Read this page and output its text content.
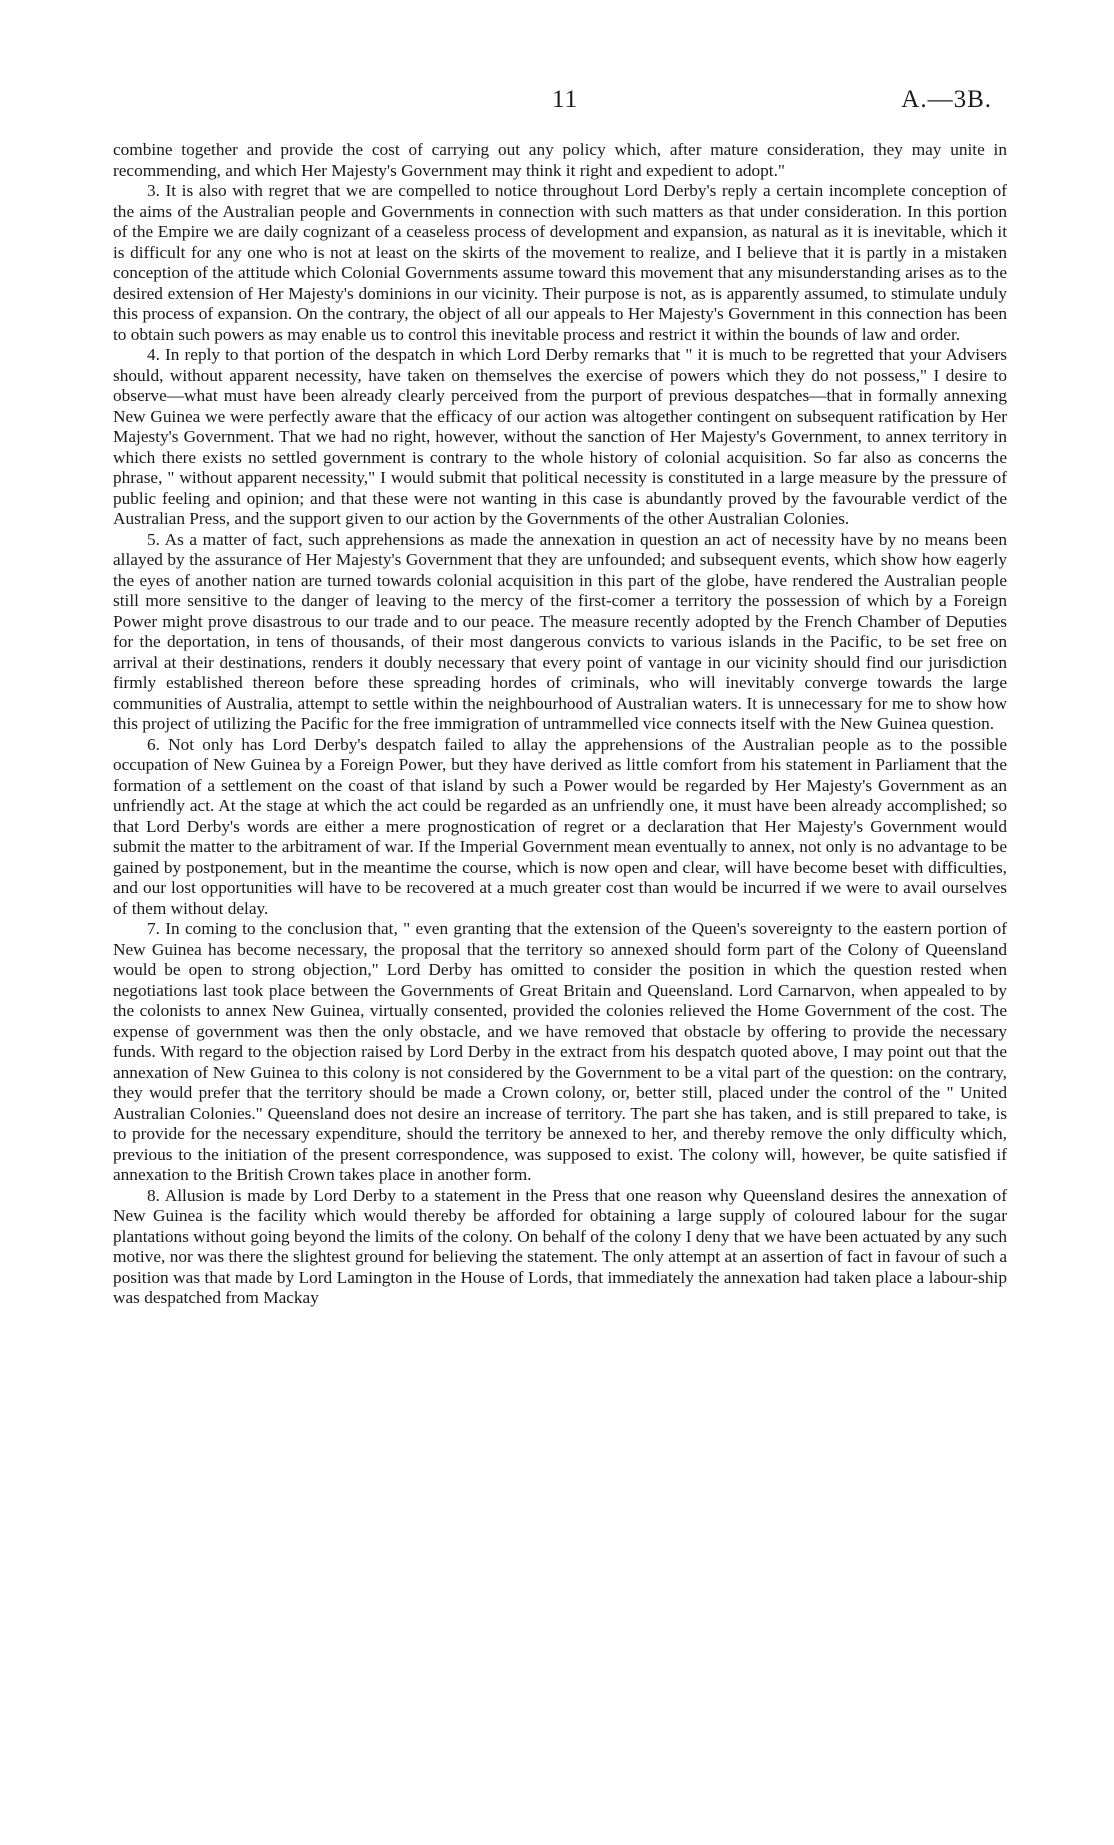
11	A.—3B.

combine together and provide the cost of carrying out any policy which, after mature consideration, they may unite in recommending, and which Her Majesty's Government may think it right and expedient to adopt."

3. It is also with regret that we are compelled to notice throughout Lord Derby's reply a certain incomplete conception of the aims of the Australian people and Governments in connection with such matters as that under consideration. In this portion of the Empire we are daily cognizant of a ceaseless process of development and expansion, as natural as it is inevitable, which it is difficult for any one who is not at least on the skirts of the movement to realize, and I believe that it is partly in a mistaken conception of the attitude which Colonial Governments assume toward this movement that any misunderstanding arises as to the desired extension of Her Majesty's dominions in our vicinity. Their purpose is not, as is apparently assumed, to stimulate unduly this process of expansion. On the contrary, the object of all our appeals to Her Majesty's Government in this connection has been to obtain such powers as may enable us to control this inevitable process and restrict it within the bounds of law and order.

4. In reply to that portion of the despatch in which Lord Derby remarks that " it is much to be regretted that your Advisers should, without apparent necessity, have taken on themselves the exercise of powers which they do not possess," I desire to observe—what must have been already clearly perceived from the purport of previous despatches—that in formally annexing New Guinea we were perfectly aware that the efficacy of our action was altogether contingent on subsequent ratification by Her Majesty's Government. That we had no right, however, without the sanction of Her Majesty's Government, to annex territory in which there exists no settled government is contrary to the whole history of colonial acquisition. So far also as concerns the phrase, " without apparent necessity," I would submit that political necessity is constituted in a large measure by the pressure of public feeling and opinion; and that these were not wanting in this case is abundantly proved by the favourable verdict of the Australian Press, and the support given to our action by the Governments of the other Australian Colonies.

5. As a matter of fact, such apprehensions as made the annexation in question an act of necessity have by no means been allayed by the assurance of Her Majesty's Government that they are unfounded; and subsequent events, which show how eagerly the eyes of another nation are turned towards colonial acquisition in this part of the globe, have rendered the Australian people still more sensitive to the danger of leaving to the mercy of the first-comer a territory the possession of which by a Foreign Power might prove disastrous to our trade and to our peace. The measure recently adopted by the French Chamber of Deputies for the deportation, in tens of thousands, of their most dangerous convicts to various islands in the Pacific, to be set free on arrival at their destinations, renders it doubly necessary that every point of vantage in our vicinity should find our jurisdiction firmly established thereon before these spreading hordes of criminals, who will inevitably converge towards the large communities of Australia, attempt to settle within the neighbourhood of Australian waters. It is unnecessary for me to show how this project of utilizing the Pacific for the free immigration of untrammelled vice connects itself with the New Guinea question.

6. Not only has Lord Derby's despatch failed to allay the apprehensions of the Australian people as to the possible occupation of New Guinea by a Foreign Power, but they have derived as little comfort from his statement in Parliament that the formation of a settlement on the coast of that island by such a Power would be regarded by Her Majesty's Government as an unfriendly act. At the stage at which the act could be regarded as an unfriendly one, it must have been already accomplished; so that Lord Derby's words are either a mere prognostication of regret or a declaration that Her Majesty's Government would submit the matter to the arbitrament of war. If the Imperial Government mean eventually to annex, not only is no advantage to be gained by postponement, but in the meantime the course, which is now open and clear, will have become beset with difficulties, and our lost opportunities will have to be recovered at a much greater cost than would be incurred if we were to avail ourselves of them without delay.

7. In coming to the conclusion that, " even granting that the extension of the Queen's sovereignty to the eastern portion of New Guinea has become necessary, the proposal that the territory so annexed should form part of the Colony of Queensland would be open to strong objection," Lord Derby has omitted to consider the position in which the question rested when negotiations last took place between the Governments of Great Britain and Queensland. Lord Carnarvon, when appealed to by the colonists to annex New Guinea, virtually consented, provided the colonies relieved the Home Government of the cost. The expense of government was then the only obstacle, and we have removed that obstacle by offering to provide the necessary funds. With regard to the objection raised by Lord Derby in the extract from his despatch quoted above, I may point out that the annexation of New Guinea to this colony is not considered by the Government to be a vital part of the question: on the contrary, they would prefer that the territory should be made a Crown colony, or, better still, placed under the control of the " United Australian Colonies." Queensland does not desire an increase of territory. The part she has taken, and is still prepared to take, is to provide for the necessary expenditure, should the territory be annexed to her, and thereby remove the only difficulty which, previous to the initiation of the present correspondence, was supposed to exist. The colony will, however, be quite satisfied if annexation to the British Crown takes place in another form.

8. Allusion is made by Lord Derby to a statement in the Press that one reason why Queensland desires the annexation of New Guinea is the facility which would thereby be afforded for obtaining a large supply of coloured labour for the sugar plantations without going beyond the limits of the colony. On behalf of the colony I deny that we have been actuated by any such motive, nor was there the slightest ground for believing the statement. The only attempt at an assertion of fact in favour of such a position was that made by Lord Lamington in the House of Lords, that immediately the annexation had taken place a labour-ship was despatched from Mackay
